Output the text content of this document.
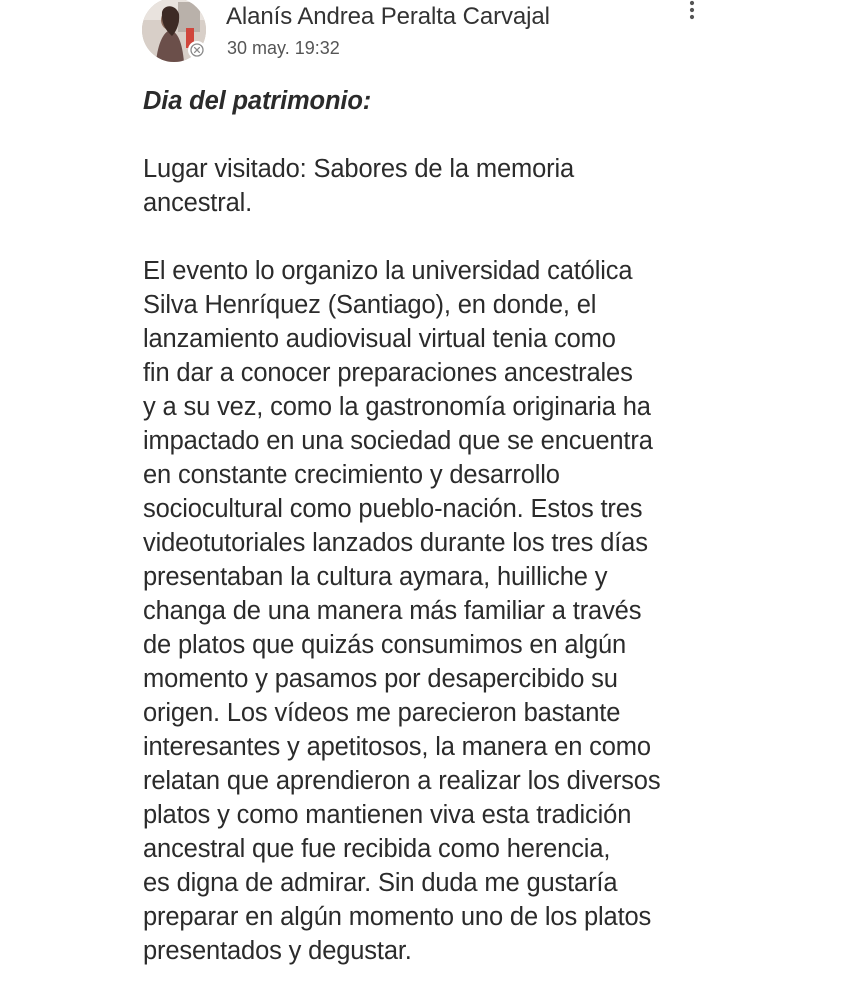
Alanís Andrea Peralta Carvajal
30 may. 19:32
Dia del patrimonio:
Lugar visitado: Sabores de la memoria
ancestral.
El evento lo organizo la universidad católica
Silva Henríquez (Santiago), en donde, el
lanzamiento audiovisual virtual tenia como
fin dar a conocer preparaciones ancestrales
y a su vez, como la gastronomía originaria ha
impactado en una sociedad que se encuentra
en constante crecimiento y desarrollo
sociocultural como pueblo-nación. Estos tres
videotutoriales lanzados durante los tres días
presentaban la cultura aymara, huilliche y
changa de una manera más familiar a través
de platos que quizás consumimos en algún
momento y pasamos por desapercibido su
origen. Los vídeos me parecieron bastante
interesantes y apetitosos, la manera en como
relatan que aprendieron a realizar los diversos
platos y como mantienen viva esta tradición
ancestral que fue recibida como herencia,
es digna de admirar. Sin duda me gustaría
preparar en algún momento uno de los platos
presentados y degustar.
